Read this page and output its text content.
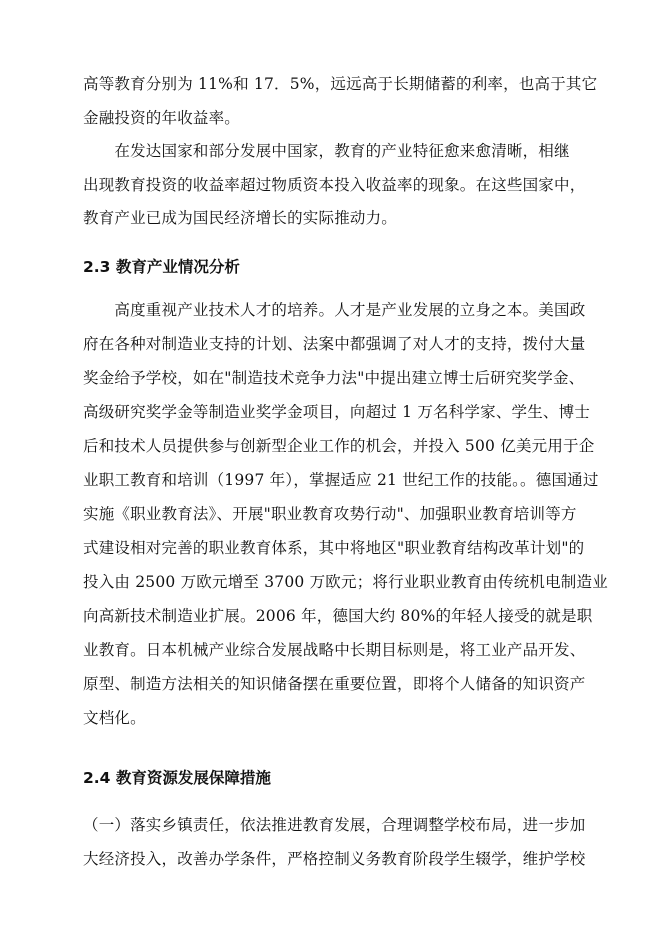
高等教育分别为 11%和 17．5%，远远高于长期储蓄的利率，也高于其它
金融投资的年收益率。
　　在发达国家和部分发展中国家，教育的产业特征愈来愈清晰，相继
出现教育投资的收益率超过物质资本投入收益率的现象。在这些国家中，
教育产业已成为国民经济增长的实际推动力。
2.3 教育产业情况分析
　　高度重视产业技术人才的培养。人才是产业发展的立身之本。美国政
府在各种对制造业支持的计划、法案中都强调了对人才的支持，拨付大量
奖金给予学校，如在"制造技术竞争力法"中提出建立博士后研究奖学金、
高级研究奖学金等制造业奖学金项目，向超过 1 万名科学家、学生、博士
后和技术人员提供参与创新型企业工作的机会，并投入 500 亿美元用于企
业职工教育和培训（1997 年），掌握适应 21 世纪工作的技能。。德国通过
实施《职业教育法》、开展"职业教育攻势行动"、加强职业教育培训等方
式建设相对完善的职业教育体系，其中将地区"职业教育结构改革计划"的
投入由 2500 万欧元增至 3700 万欧元；将行业职业教育由传统机电制造业
向高新技术制造业扩展。2006 年，德国大约 80%的年轻人接受的就是职
业教育。日本机械产业综合发展战略中长期目标则是，将工业产品开发、
原型、制造方法相关的知识储备摆在重要位置，即将个人储备的知识资产
文档化。
2.4 教育资源发展保障措施
（一）落实乡镇责任，依法推进教育发展，合理调整学校布局，进一步加
大经济投入，改善办学条件，严格控制义务教育阶段学生辍学，维护学校
